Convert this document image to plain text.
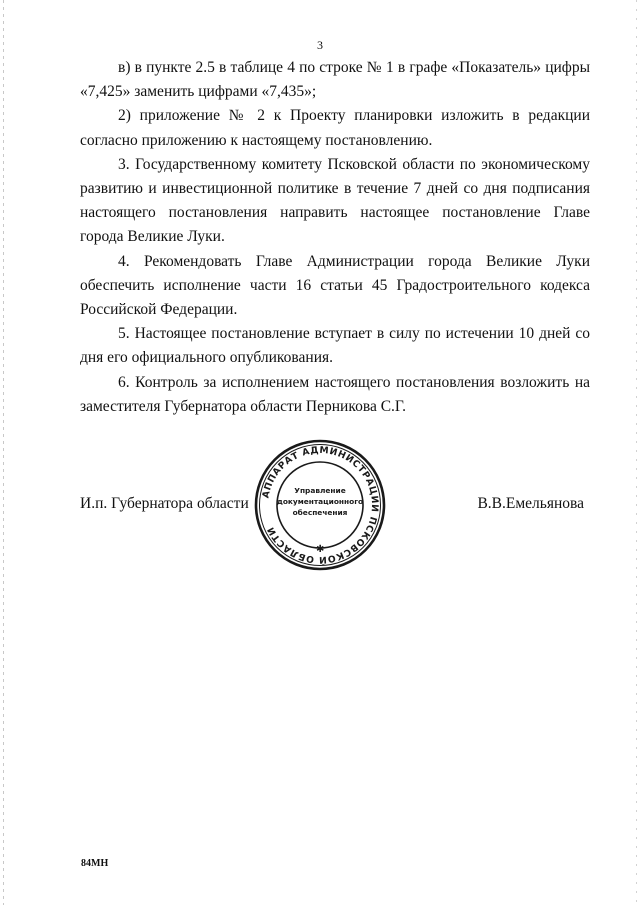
3

в) в пункте 2.5 в таблице 4 по строке № 1 в графе «Показатель» цифры «7,425» заменить цифрами «7,435»;

2) приложение № 2 к Проекту планировки изложить в редакции согласно приложению к настоящему постановлению.

3. Государственному комитету Псковской области по экономическому развитию и инвестиционной политике в течение 7 дней со дня подписания настоящего постановления направить настоящее постановление Главе города Великие Луки.

4. Рекомендовать Главе Администрации города Великие Луки обеспечить исполнение части 16 статьи 45 Градостроительного кодекса Российской Федерации.

5. Настоящее постановление вступает в силу по истечении 10 дней со дня его официального опубликования.

6. Контроль за исполнением настоящего постановления возложить на заместителя Губернатора области Перникова С.Г.

И.п. Губернатора области	В.В.Емельянова
АППАРАТ АДМИНИСТРАЦИИ ПСКОВСКОЙ ОБЛАСТИ
Управление
документационного
обеспечения
✱
84МН
